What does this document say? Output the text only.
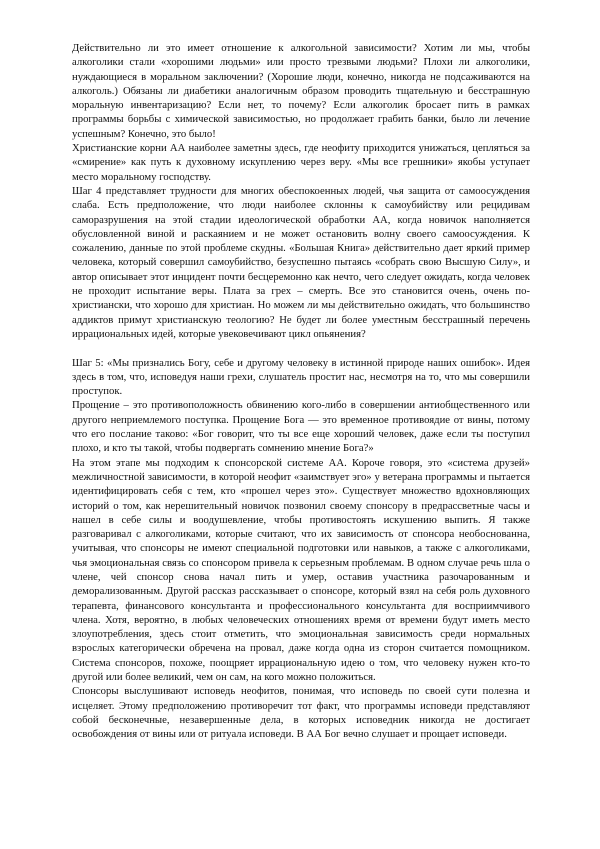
Действительно ли это имеет отношение к алкогольной зависимости? Хотим ли мы, чтобы алкоголики стали «хорошими людьми» или просто трезвыми людьми? Плохи ли алкоголики, нуждающиеся в моральном заключении? (Хорошие люди, конечно, никогда не подсаживаются на алкоголь.) Обязаны ли диабетики аналогичным образом проводить тщательную и бесстрашную моральную инвентаризацию? Если нет, то почему? Если алкоголик бросает пить в рамках программы борьбы с химической зависимостью, но продолжает грабить банки, было ли лечение успешным? Конечно, это было!

Христианские корни АА наиболее заметны здесь, где неофиту приходится унижаться, цепляться за «смирение» как путь к духовному искуплению через веру. «Мы все грешники» якобы уступает место моральному господству.

Шаг 4 представляет трудности для многих обеспокоенных людей, чья защита от самоосуждения слаба. Есть предположение, что люди наиболее склонны к самоубийству или рецидивам саморазрушения на этой стадии идеологической обработки АА, когда новичок наполняется обусловленной виной и раскаянием и не может остановить волну своего самоосуждения. К сожалению, данные по этой проблеме скудны. «Большая Книга» действительно дает яркий пример человека, который совершил самоубийство, безуспешно пытаясь «собрать свою Высшую Силу», и автор описывает этот инцидент почти бесцеремонно как нечто, чего следует ожидать, когда человек не проходит испытание веры. Плата за грех – смерть. Все это становится очень, очень по-христиански, что хорошо для христиан. Но можем ли мы действительно ожидать, что большинство аддиктов примут христианскую теологию? Не будет ли более уместным бесстрашный перечень иррациональных идей, которые увековечивают цикл опьянения?

Шаг 5: «Мы признались Богу, себе и другому человеку в истинной природе наших ошибок». Идея здесь в том, что, исповедуя наши грехи, слушатель простит нас, несмотря на то, что мы совершили проступок.

Прощение – это противоположность обвинению кого-либо в совершении антиобщественного или другого неприемлемого поступка. Прощение Бога — это временное противоядие от вины, потому что его послание таково: «Бог говорит, что ты все еще хороший человек, даже если ты поступил плохо, и кто ты такой, чтобы подвергать сомнению мнение Бога?»

На этом этапе мы подходим к спонсорской системе АА. Короче говоря, это «система друзей» межличностной зависимости, в которой неофит «заимствует эго» у ветерана программы и пытается идентифицировать себя с тем, кто «прошел через это». Существует множество вдохновляющих историй о том, как нерешительный новичок позвонил своему спонсору в предрассветные часы и нашел в себе силы и воодушевление, чтобы противостоять искушению выпить. Я также разговаривал с алкоголиками, которые считают, что их зависимость от спонсора необоснованна, учитывая, что спонсоры не имеют специальной подготовки или навыков, а также с алкоголиками, чья эмоциональная связь со спонсором привела к серьезным проблемам. В одном случае речь шла о члене, чей спонсор снова начал пить и умер, оставив участника разочарованным и деморализованным. Другой рассказ рассказывает о спонсоре, который взял на себя роль духовного терапевта, финансового консультанта и профессионального консультанта для восприимчивого члена. Хотя, вероятно, в любых человеческих отношениях время от времени будут иметь место злоупотребления, здесь стоит отметить, что эмоциональная зависимость среди нормальных взрослых категорически обречена на провал, даже когда одна из сторон считается помощником. Система спонсоров, похоже, поощряет иррациональную идею о том, что человеку нужен кто-то другой или более великий, чем он сам, на кого можно положиться.

Спонсоры выслушивают исповедь неофитов, понимая, что исповедь по своей сути полезна и исцеляет. Этому предположению противоречит тот факт, что программы исповеди представляют собой бесконечные, незавершенные дела, в которых исповедник никогда не достигает освобождения от вины или от ритуала исповеди. В АА Бог вечно слушает и прощает исповеди.
